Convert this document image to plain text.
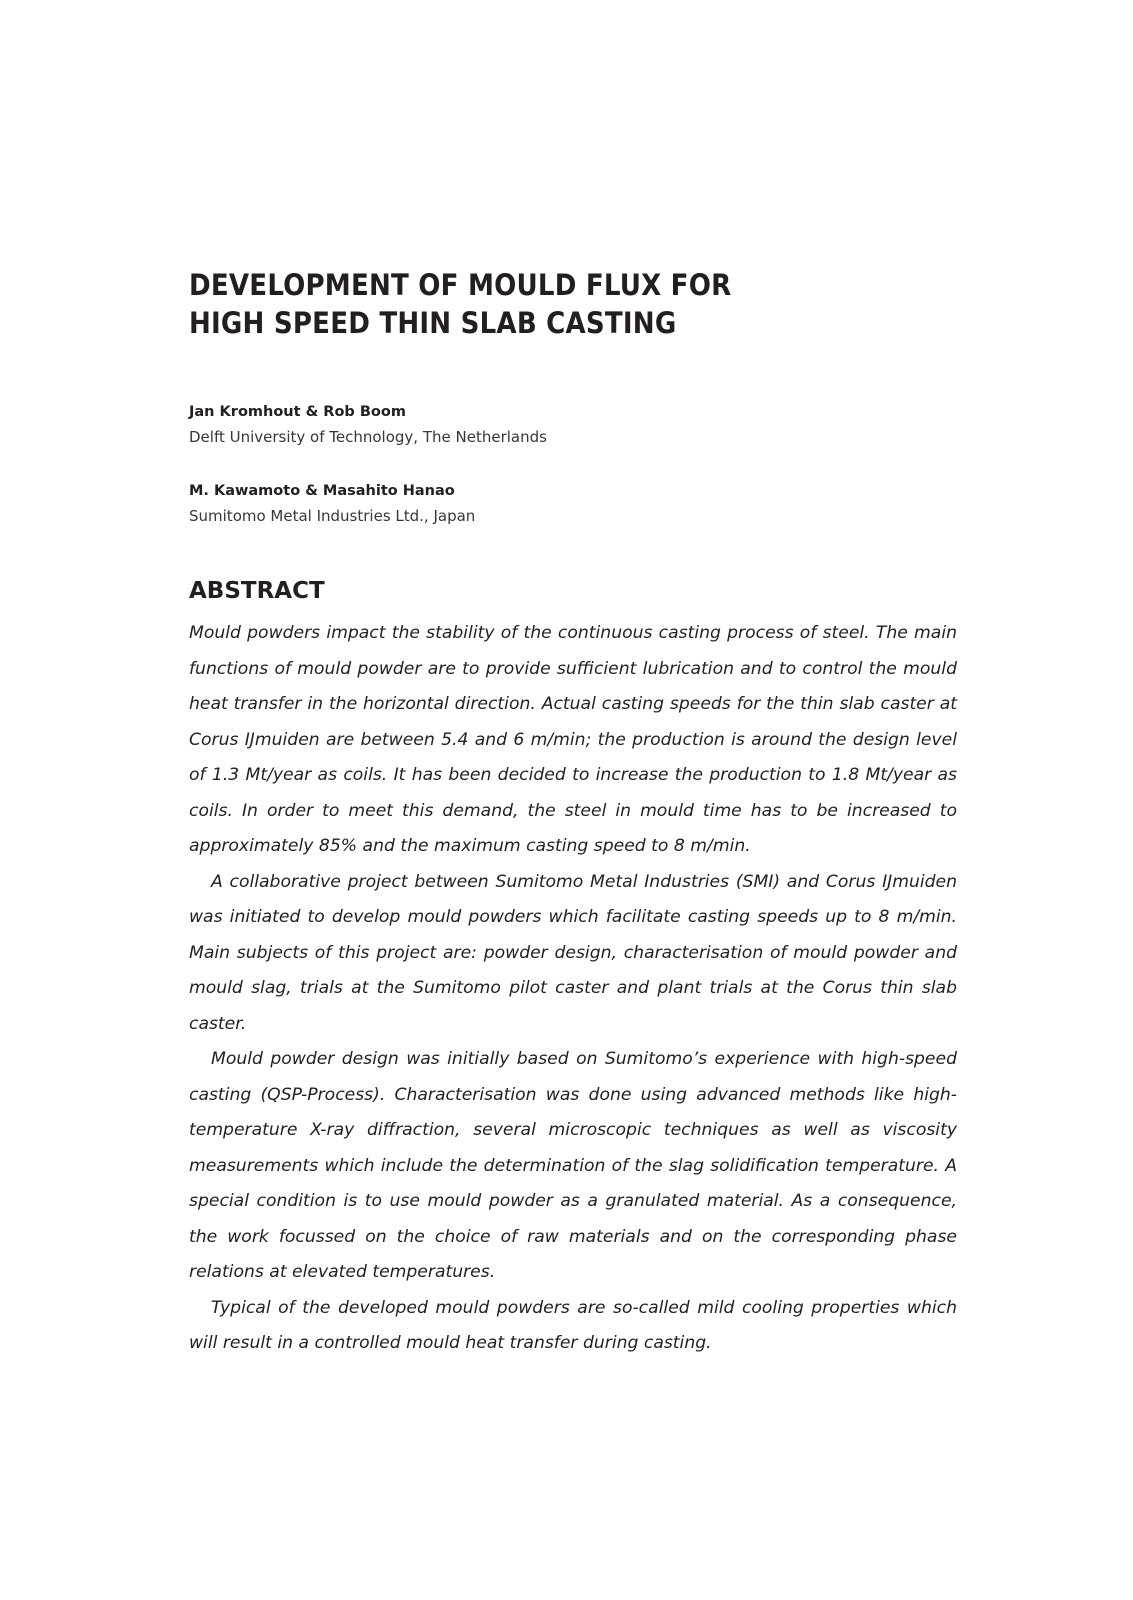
DEVELOPMENT OF MOULD FLUX FOR
HIGH SPEED THIN SLAB CASTING
Jan Kromhout & Rob Boom
Delft University of Technology, The Netherlands
M. Kawamoto & Masahito Hanao
Sumitomo Metal Industries Ltd., Japan
ABSTRACT

Mould powders impact the stability of the continuous casting process of steel. The main functions of mould powder are to provide sufficient lubrication and to control the mould heat transfer in the horizontal direction. Actual casting speeds for the thin slab caster at Corus IJmuiden are between 5.4 and 6 m/min; the production is around the design level of 1.3 Mt/year as coils. It has been decided to increase the production to 1.8 Mt/year as coils. In order to meet this demand, the steel in mould time has to be increased to approximately 85% and the maximum casting speed to 8 m/min.

A collaborative project between Sumitomo Metal Industries (SMI) and Corus IJmuiden was initiated to develop mould powders which facilitate casting speeds up to 8 m/min. Main subjects of this project are: powder design, characterisation of mould powder and mould slag, trials at the Sumitomo pilot caster and plant trials at the Corus thin slab caster.

Mould powder design was initially based on Sumitomo’s experience with high-speed casting (QSP-Process). Characterisation was done using advanced methods like high-temperature X-ray diffraction, several microscopic techniques as well as viscosity measurements which include the determination of the slag solidification temperature. A special condition is to use mould powder as a granulated material. As a consequence, the work focussed on the choice of raw materials and on the corresponding phase relations at elevated temperatures.

Typical of the developed mould powders are so-called mild cooling properties which will result in a controlled mould heat transfer during casting.
